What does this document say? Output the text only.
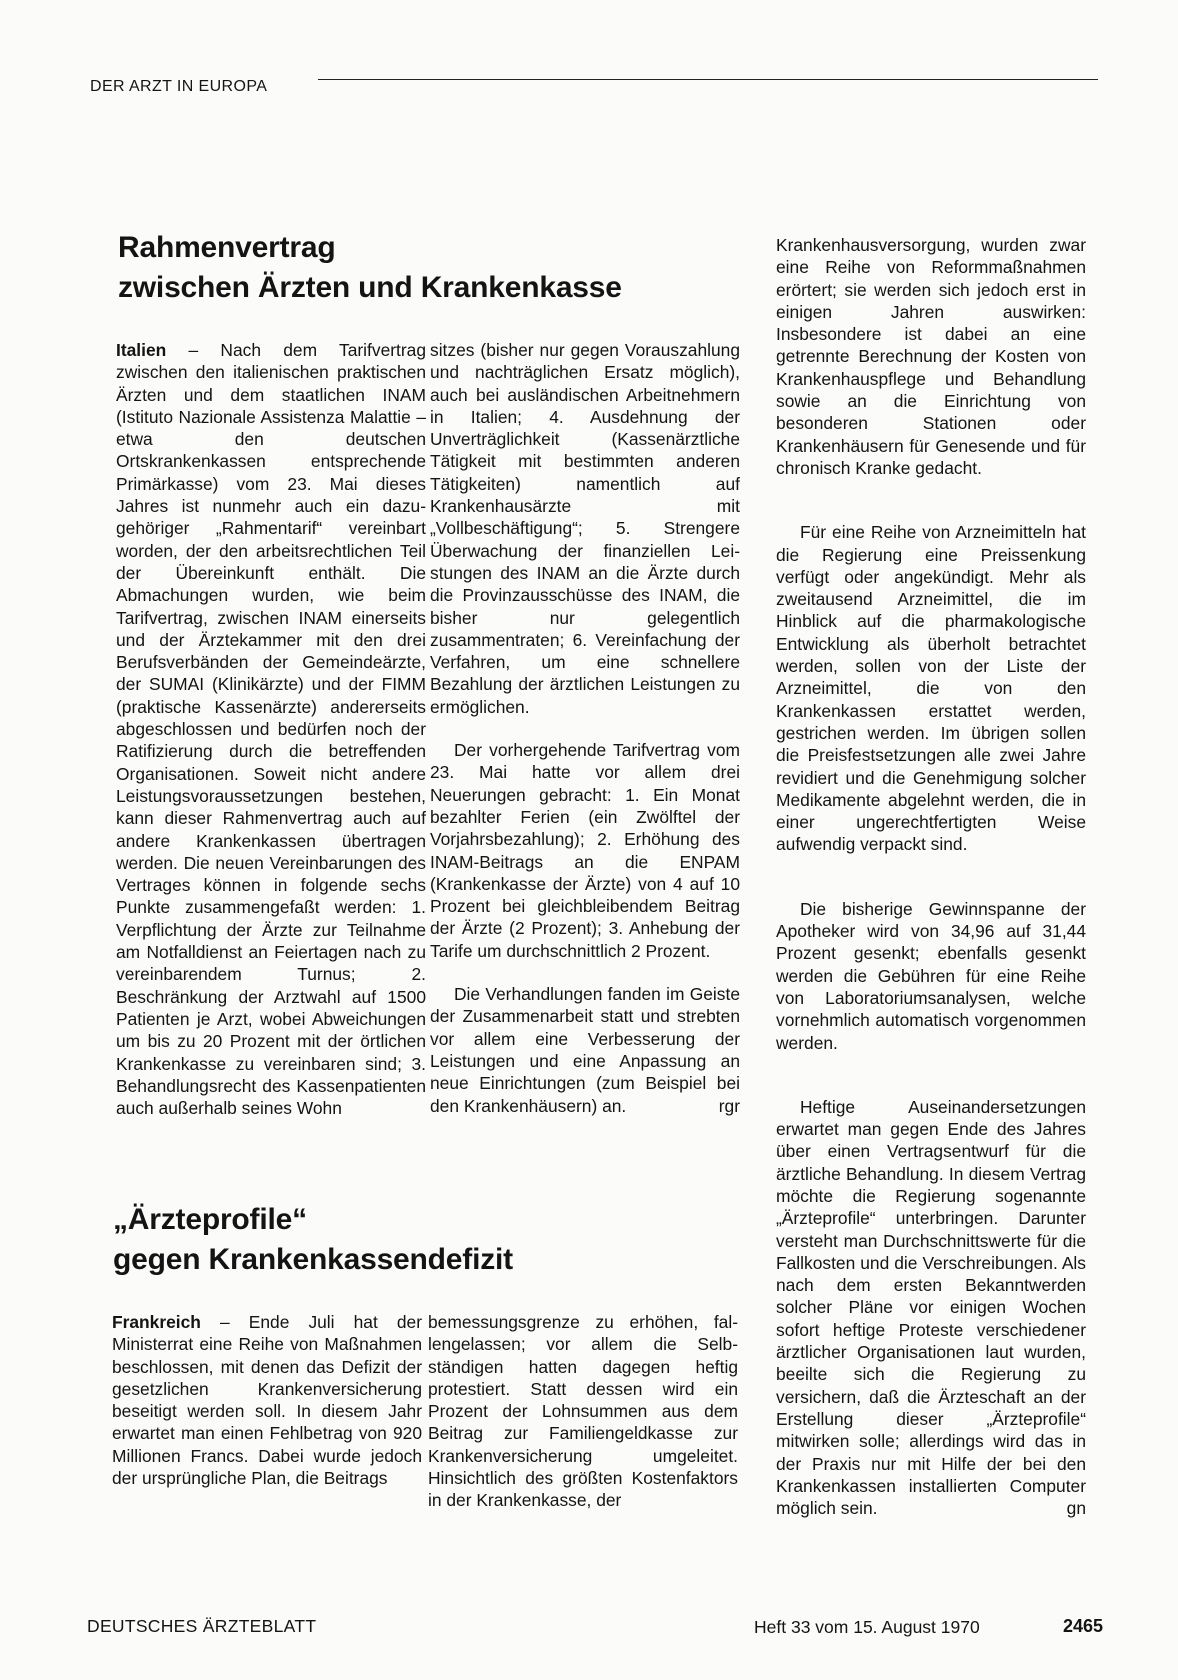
DER ARZT IN EUROPA
Rahmenvertrag
zwischen Ärzten und Krankenkasse

Italien – Nach dem Tarifvertrag zwischen den italienischen praktischen Ärzten und dem staatlichen INAM (Istituto Nazionale Assistenza Malattie – etwa den deutschen Ortskrankenkassen entsprechende Primärkasse) vom 23. Mai dieses Jahres ist nunmehr auch ein dazugehöriger „Rahmentarif“ vereinbart worden, der den arbeitsrechtlichen Teil der Übereinkunft enthält. Die Abmachungen wurden, wie beim Tarifvertrag, zwischen INAM einerseits und der Ärztekammer mit den drei Berufsverbänden der Gemeindeärzte, der SUMAI (Klinikärzte) und der FIMM (praktische Kassenärzte) andererseits abgeschlossen und bedürfen noch der Ratifizierung durch die betreffenden Organisationen. Soweit nicht andere Leistungsvoraussetzungen bestehen, kann dieser Rahmenvertrag auch auf andere Krankenkassen übertragen werden. Die neuen Vereinbarungen des Vertrages können in folgende sechs Punkte zusammengefaßt werden: 1. Verpflichtung der Ärzte zur Teilnahme am Notfalldienst an Feiertagen nach zu vereinbarendem Turnus; 2. Beschränkung der Arztwahl auf 1500 Patienten je Arzt, wobei Abweichungen um bis zu 20 Prozent mit der örtlichen Krankenkasse zu vereinbaren sind; 3. Behandlungsrecht des Kassenpatienten auch außerhalb seines Wohn

sitzes (bisher nur gegen Vorauszahlung und nachträglichen Ersatz möglich), auch bei ausländischen Arbeitnehmern in Italien; 4. Ausdehnung der Unverträglichkeit (Kassenärztliche Tätigkeit mit bestimmten anderen Tätigkeiten) namentlich auf Krankenhausärzte mit „Vollbeschäftigung“; 5. Strengere Überwachung der finanziellen Leistungen des INAM an die Ärzte durch die Provinzausschüsse des INAM, die bisher nur gelegentlich zusammentraten; 6. Vereinfachung der Verfahren, um eine schnellere Bezahlung der ärztlichen Leistungen zu ermöglichen.

Der vorhergehende Tarifvertrag vom 23. Mai hatte vor allem drei Neuerungen gebracht: 1. Ein Monat bezahlter Ferien (ein Zwölftel der Vorjahrsbezahlung); 2. Erhöhung des INAM-Beitrags an die ENPAM (Krankenkasse der Ärzte) von 4 auf 10 Prozent bei gleichbleibendem Beitrag der Ärzte (2 Prozent); 3. Anhebung der Tarife um durchschnittlich 2 Prozent.

Die Verhandlungen fanden im Geiste der Zusammenarbeit statt und strebten vor allem eine Verbesserung der Leistungen und eine Anpassung an neue Einrichtungen (zum Beispiel bei den Krankenhäusern) an.	rgr

„Ärzteprofile“
gegen Krankenkassendefizit

Frankreich – Ende Juli hat der Ministerrat eine Reihe von Maßnahmen beschlossen, mit denen das Defizit der gesetzlichen Krankenversicherung beseitigt werden soll. In diesem Jahr erwartet man einen Fehlbetrag von 920 Millionen Francs. Dabei wurde jedoch der ursprüngliche Plan, die Beitrags

bemessungsgrenze zu erhöhen, fallengelassen; vor allem die Selbständigen hatten dagegen heftig protestiert. Statt dessen wird ein Prozent der Lohnsummen aus dem Beitrag zur Familiengeldkasse zur Krankenversicherung umgeleitet. Hinsichtlich des größten Kostenfaktors in der Krankenkasse, der

Krankenhausversorgung, wurden zwar eine Reihe von Reformmaßnahmen erörtert; sie werden sich jedoch erst in einigen Jahren auswirken: Insbesondere ist dabei an eine getrennte Berechnung der Kosten von Krankenhauspflege und Behandlung sowie an die Einrichtung von besonderen Stationen oder Krankenhäusern für Genesende und für chronisch Kranke gedacht.

Für eine Reihe von Arzneimitteln hat die Regierung eine Preissenkung verfügt oder angekündigt. Mehr als zweitausend Arzneimittel, die im Hinblick auf die pharmakologische Entwicklung als überholt betrachtet werden, sollen von der Liste der Arzneimittel, die von den Krankenkassen erstattet werden, gestrichen werden. Im übrigen sollen die Preisfestsetzungen alle zwei Jahre revidiert und die Genehmigung solcher Medikamente abgelehnt werden, die in einer ungerechtfertigten Weise aufwendig verpackt sind.

Die bisherige Gewinnspanne der Apotheker wird von 34,96 auf 31,44 Prozent gesenkt; ebenfalls gesenkt werden die Gebühren für eine Reihe von Laboratoriumsanalysen, welche vornehmlich automatisch vorgenommen werden.

Heftige Auseinandersetzungen erwartet man gegen Ende des Jahres über einen Vertragsentwurf für die ärztliche Behandlung. In diesem Vertrag möchte die Regierung sogenannte „Ärzteprofile“ unterbringen. Darunter versteht man Durchschnittswerte für die Fallkosten und die Verschreibungen. Als nach dem ersten Bekanntwerden solcher Pläne vor einigen Wochen sofort heftige Proteste verschiedener ärztlicher Organisationen laut wurden, beeilte sich die Regierung zu versichern, daß die Ärzteschaft an der Erstellung dieser „Ärzteprofile“ mitwirken solle; allerdings wird das in der Praxis nur mit Hilfe der bei den Krankenkassen installierten Computer möglich sein.	gn

DEUTSCHES ÄRZTEBLATT	Heft 33 vom 15. August 1970	2465
